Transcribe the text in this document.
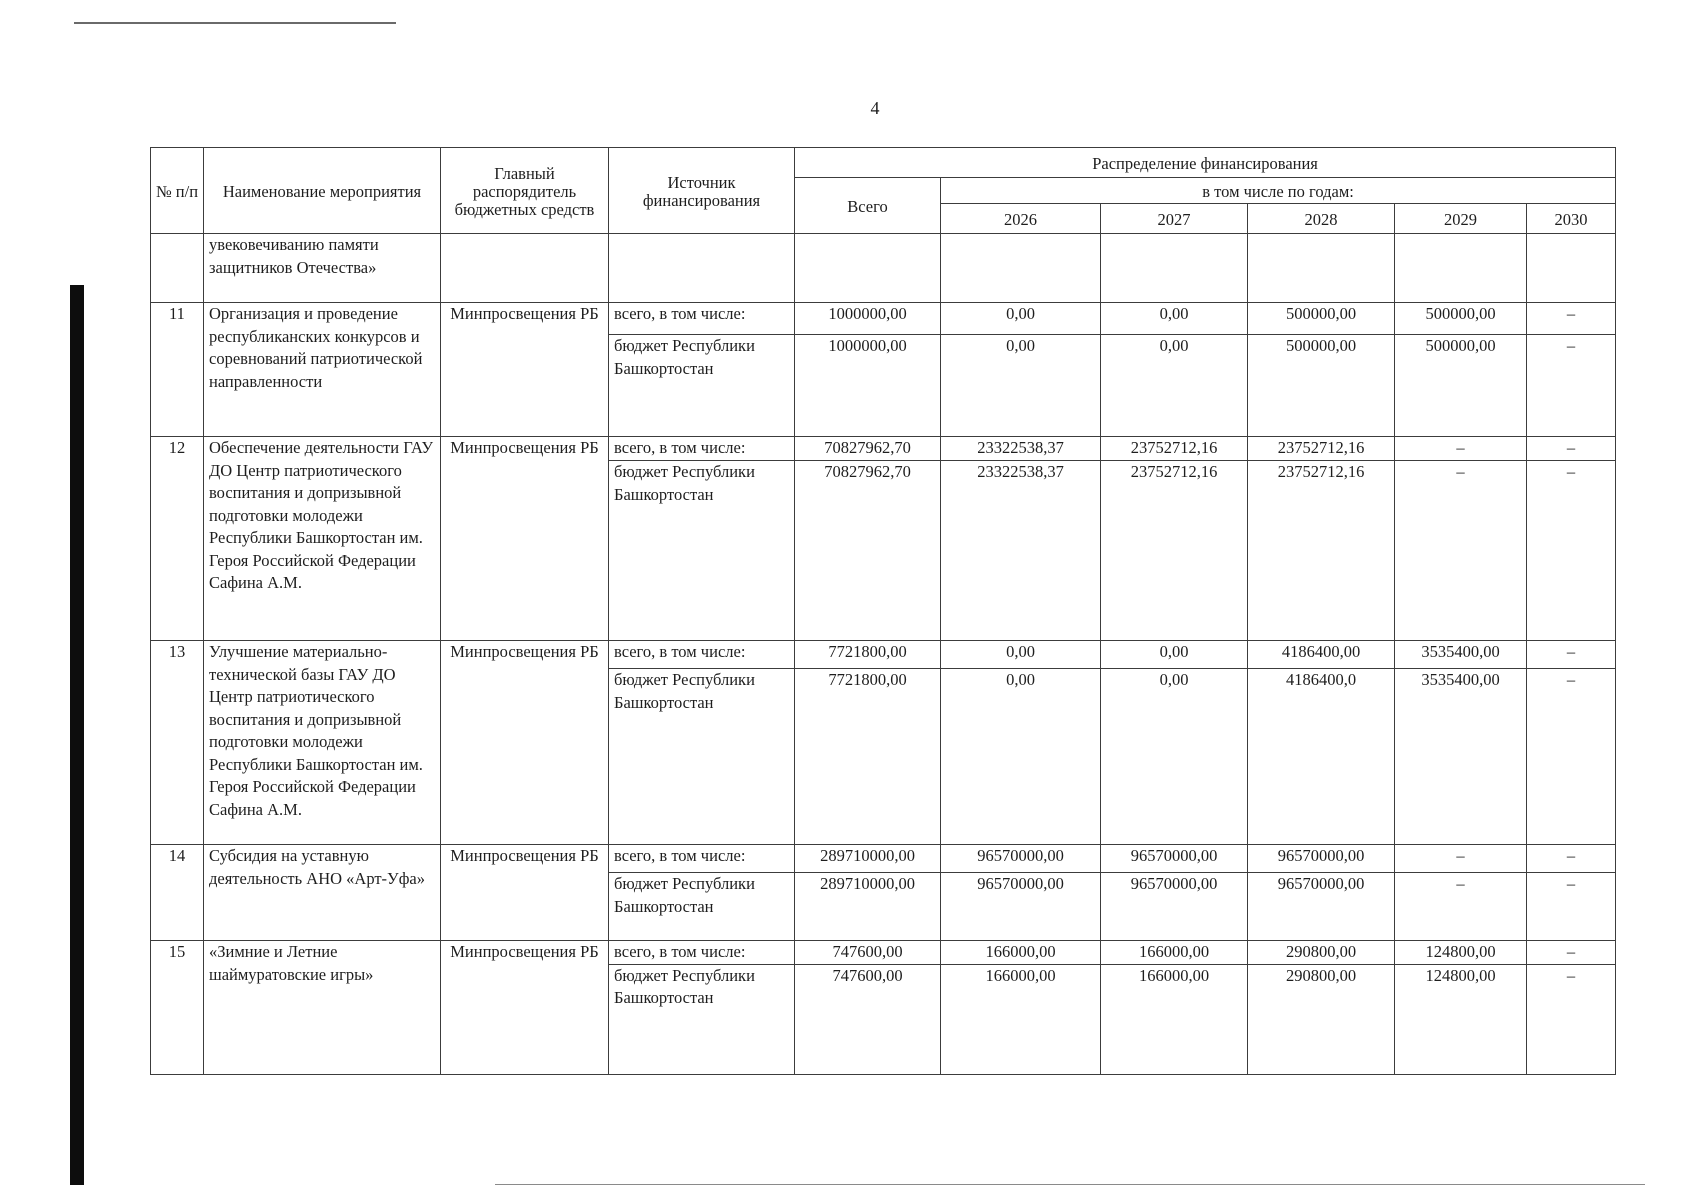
4
№ п/п	Наименование мероприятия	Главный распорядитель бюджетных средств	Источник финансирования	Распределение финансирования					
				Всего	в том числе по годам:				
					2026	2027	2028	2029	2030
	увековечиванию памяти защитников Отечества»								
11	Организация и проведение республиканских конкурсов и соревнований патриотической направленности	Минпросвещения РБ	всего, в том числе:	1000000,00	0,00	0,00	500000,00	500000,00	–
			бюджет Республики Башкортостан	1000000,00	0,00	0,00	500000,00	500000,00	–
12	Обеспечение деятельности ГАУ ДО Центр патриотического воспитания и допризывной подготовки молодежи Республики Башкортостан им. Героя Российской Федерации Сафина А.М.	Минпросвещения РБ	всего, в том числе:	70827962,70	23322538,37	23752712,16	23752712,16	–	–
			бюджет Республики Башкортостан	70827962,70	23322538,37	23752712,16	23752712,16	–	–
13	Улучшение материально-технической базы ГАУ ДО Центр патриотического воспитания и допризывной подготовки молодежи Республики Башкортостан им. Героя Российской Федерации Сафина А.М.	Минпросвещения РБ	всего, в том числе:	7721800,00	0,00	0,00	4186400,00	3535400,00	–
			бюджет Республики Башкортостан	7721800,00	0,00	0,00	4186400,0	3535400,00	–
14	Субсидия на уставную деятельность АНО «Арт-Уфа»	Минпросвещения РБ	всего, в том числе:	289710000,00	96570000,00	96570000,00	96570000,00	–	–
			бюджет Республики Башкортостан	289710000,00	96570000,00	96570000,00	96570000,00	–	–
15	«Зимние и Летние шаймуратовские игры»	Минпросвещения РБ	всего, в том числе:	747600,00	166000,00	166000,00	290800,00	124800,00	–
			бюджет Республики Башкортостан	747600,00	166000,00	166000,00	290800,00	124800,00	–
